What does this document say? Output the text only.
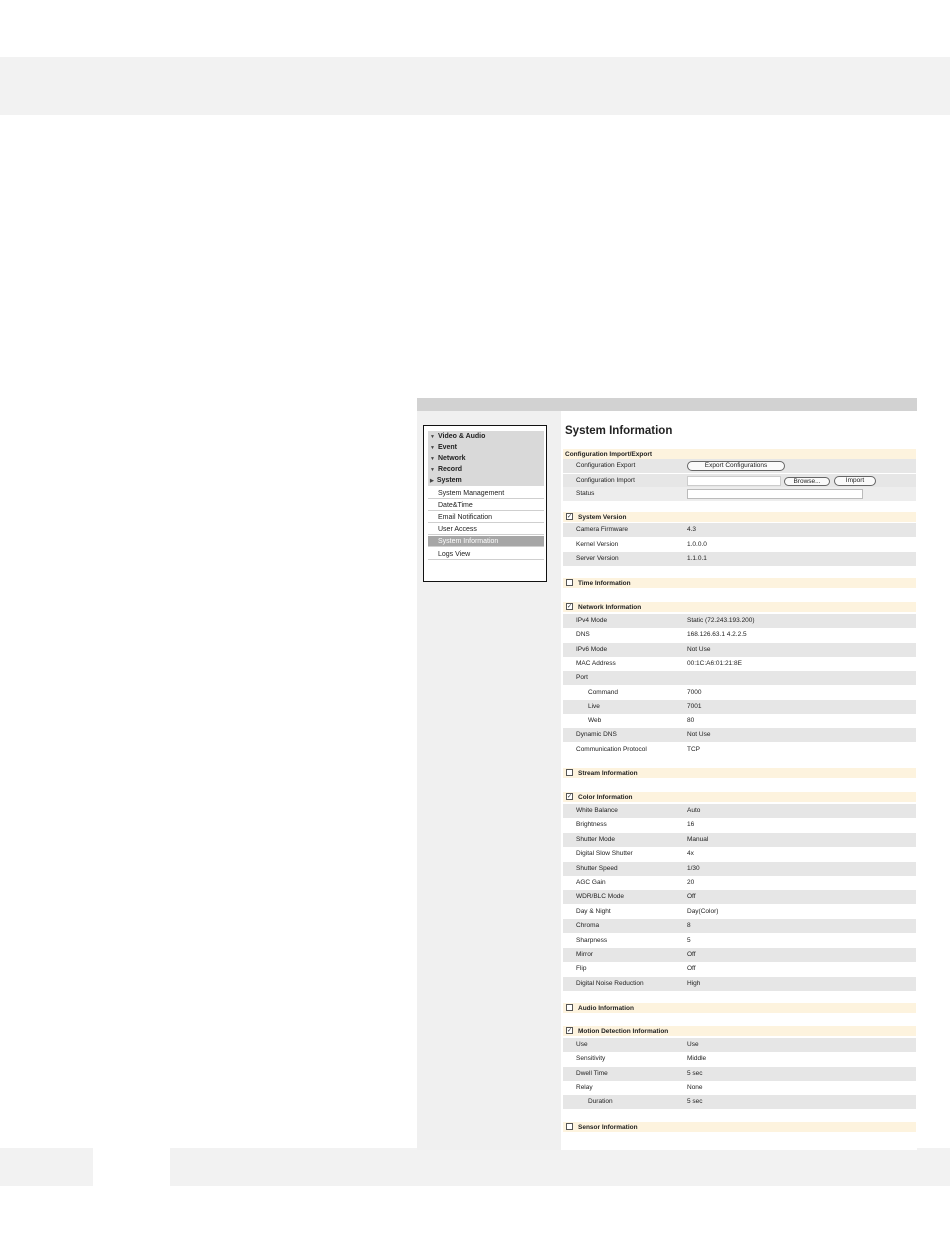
▼ Video & Audio
▼ Event
▼ Network
▼ Record
▶ System
System Management
Date&Time
Email Notification
User Access
System Information
Logs View
System Information
Configuration Import/Export
Configuration Export	Export Configurations
Configuration Import	Browse...	Import
Status
✓ System Version
Camera Firmware	4.3
Kernel Version	1.0.0.0
Server Version	1.1.0.1
Time Information
✓ Network Information
IPv4 Mode	Static (72.243.193.200)
DNS	168.126.63.1 4.2.2.5
IPv6 Mode	Not Use
MAC Address	00:1C:A6:01:21:8E
Port
Command	7000
Live	7001
Web	80
Dynamic DNS	Not Use
Communication Protocol	TCP
Stream Information
✓ Color Information
White Balance	Auto
Brightness	16
Shutter Mode	Manual
Digital Slow Shutter	4x
Shutter Speed	1/30
AGC Gain	20
WDR/BLC Mode	Off
Day & Night	Day(Color)
Chroma	8
Sharpness	5
Mirror	Off
Flip	Off
Digital Noise Reduction	High
Audio Information
✓ Motion Detection Information
Use	Use
Sensitivity	Middle
Dwell Time	5 sec
Relay	None
Duration	5 sec
Sensor Information
